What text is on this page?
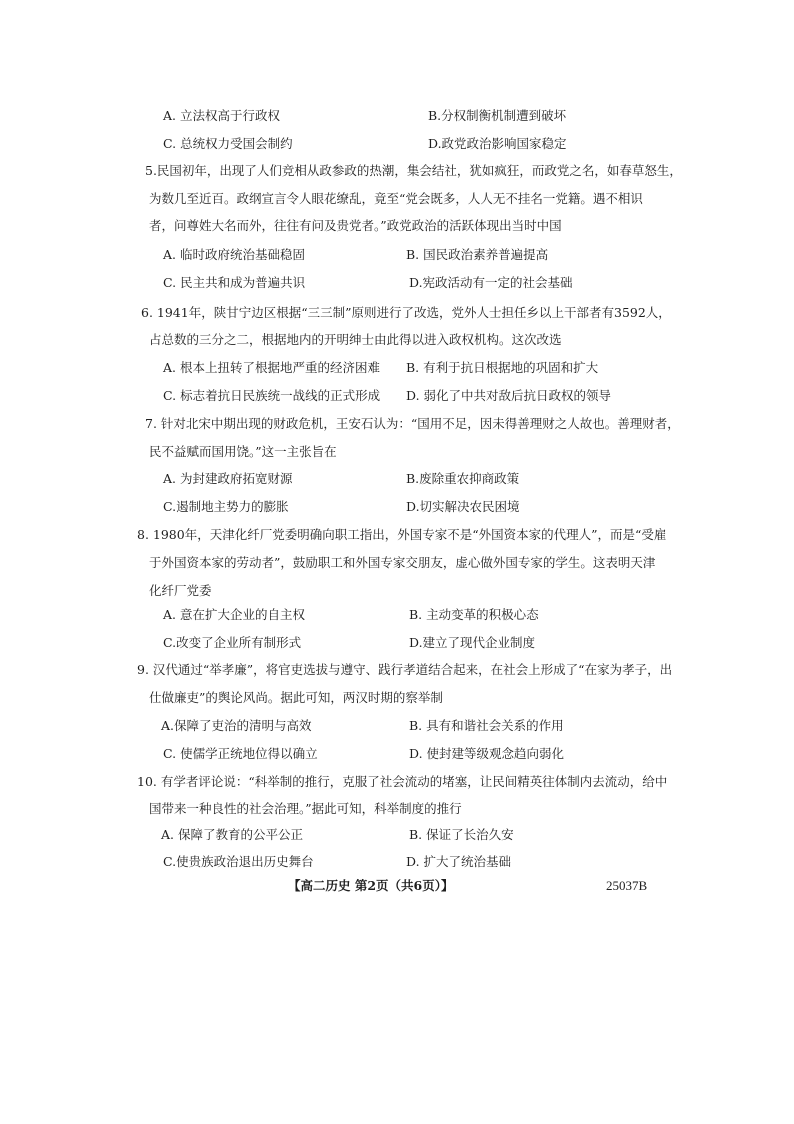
A. 立法权高于行政权	B.分权制衡机制遭到破坏
C. 总统权力受国会制约	D.政党政治影响国家稳定
5.民国初年，出现了人们竞相从政参政的热潮，集会结社，犹如疯狂，而政党之名，如春草怒生，
为数几至近百。政纲宣言令人眼花缭乱，竟至“党会既多，人人无不挂名一党籍。遇不相识
者，问尊姓大名而外，往往有问及贵党者。”政党政治的活跃体现出当时中国
A. 临时政府统治基础稳固	B. 国民政治素养普遍提高
C. 民主共和成为普遍共识	D.宪政活动有一定的社会基础
6. 1941年，陕甘宁边区根据“三三制”原则进行了改选，党外人士担任乡以上干部者有3592人，
占总数的三分之二，根据地内的开明绅士由此得以进入政权机构。这次改选
A. 根本上扭转了根据地严重的经济困难 B. 有利于抗日根据地的巩固和扩大
C. 标志着抗日民族统一战线的正式形成 D. 弱化了中共对敌后抗日政权的领导
7. 针对北宋中期出现的财政危机，王安石认为：“国用不足，因未得善理财之人故也。善理财者，
民不益赋而国用饶。”这一主张旨在
A. 为封建政府拓宽财源	B.废除重农抑商政策
C.遏制地主势力的膨胀	D.切实解决农民困境
8. 1980年，天津化纤厂党委明确向职工指出，外国专家不是“外国资本家的代理人”，而是“受雇
于外国资本家的劳动者”，鼓励职工和外国专家交朋友，虚心做外国专家的学生。这表明天津
化纤厂党委
A. 意在扩大企业的自主权	B. 主动变革的积极心态
C.改变了企业所有制形式	D.建立了现代企业制度
9. 汉代通过“举孝廉”，将官吏选拔与遵守、践行孝道结合起来，在社会上形成了“在家为孝子，出
仕做廉吏”的舆论风尚。据此可知，两汉时期的察举制
A.保障了吏治的清明与高效	B. 具有和谐社会关系的作用
C. 使儒学正统地位得以确立	D. 使封建等级观念趋向弱化
10. 有学者评论说：“科举制的推行，克服了社会流动的堵塞，让民间精英往体制内去流动，给中
国带来一种良性的社会治理。”据此可知，科举制度的推行
A. 保障了教育的公平公正	B. 保证了长治久安
C.使贵族政治退出历史舞台	D. 扩大了统治基础
【高二历史 第2页（共6页）】	25037B
